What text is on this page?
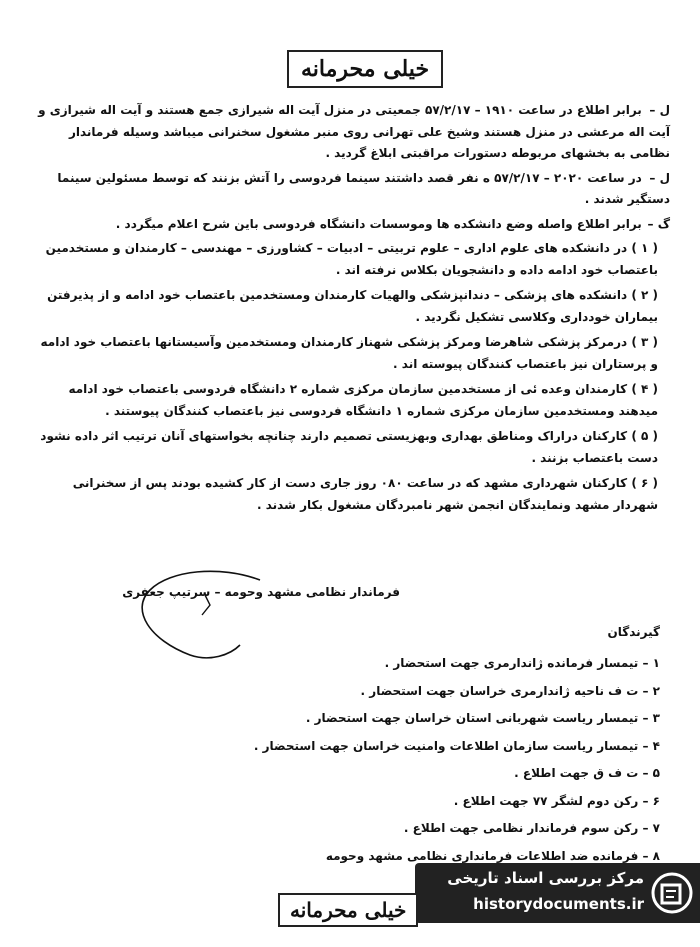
خیلی محرمانه

ل – برابر اطلاع در ساعت ۱۹۱۰ – ۵۷/۲/۱۷ جمعیتی در منزل آیت اله شیرازی جمع هستند و آیت اله شیرازی و آیت اله مرعشی در منزل هستند وشیخ علی تهرانی روی منبر مشغول سخنرانی میباشد وسیله فرماندار نظامی به بخشهای مربوطه دستورات مراقبتی ابلاغ گردید .

ل – در ساعت ۲۰۲۰ – ۵۷/۲/۱۷ ه نفر قصد داشتند سینما فردوسی را آتش بزنند که توسط مسئولین سینما دستگیر شدند .

گ – برابر اطلاع واصله وضع دانشکده ها وموسسات دانشگاه فردوسی باین شرح اعلام میگردد .

( ۱ ) در دانشکده های علوم اداری – علوم تربیتی – ادبیات – کشاورزی – مهندسی – کارمندان و مستخدمین باعتصاب خود ادامه داده و دانشجویان بکلاس نرفته اند .

( ۲ ) دانشکده های پزشکی – دندانپزشکی والهیات کارمندان ومستخدمین باعتصاب خود ادامه و از پذیرفتن بیماران خودداری وکلاسی تشکیل نگردید .

( ۳ ) درمرکز پزشکی شاهرضا ومرکز پزشکی شهناز کارمندان ومستخدمین وآسیستانها باعتصاب خود ادامه و پرستاران نیز باعتصاب کنندگان پیوسته اند .

( ۴ ) کارمندان وعده ئی از مستخدمین سازمان مرکزی شماره ۲ دانشگاه فردوسی باعتصاب خود ادامه میدهند ومستخدمین سازمان مرکزی شماره ۱ دانشگاه فردوسی نیز باعتصاب کنندگان پیوستند .

( ۵ ) کارکنان دراراک ومناطق بهداری وبهزیستی تصمیم دارند چنانچه بخواستهای آنان ترتیب اثر داده نشود دست باعتصاب بزنند .

( ۶ ) کارکنان شهرداری مشهد که در ساعت ۰۸۰ روز جاری دست از کار کشیده بودند پس از سخنرانی شهردار مشهد ونمایندگان انجمن شهر نامبردگان مشغول بکار شدند .

فرماندار نظامی مشهد وحومه – سرتیپ جعفری
گیرندگان
۱ – تیمسار فرمانده ژاندارمری جهت استحضار .
۲ – ت ف ناحیه ژاندارمری خراسان جهت استحضار .
۳ – تیمسار ریاست شهربانی استان خراسان جهت استحضار .
۴ – تیمسار ریاست سازمان اطلاعات وامنیت خراسان جهت استحضار .
۵ – ت ف ق جهت اطلاع .
۶ – رکن دوم لشگر ۷۷ جهت اطلاع .
۷ – رکن سوم فرماندار نظامی جهت اطلاع .
۸ – فرمانده ضد اطلاعات فرمانداری نظامی مشهد وحومه
مرکز بررسی اسناد تاریخی
historydocuments.ir
خیلی محرمانه
